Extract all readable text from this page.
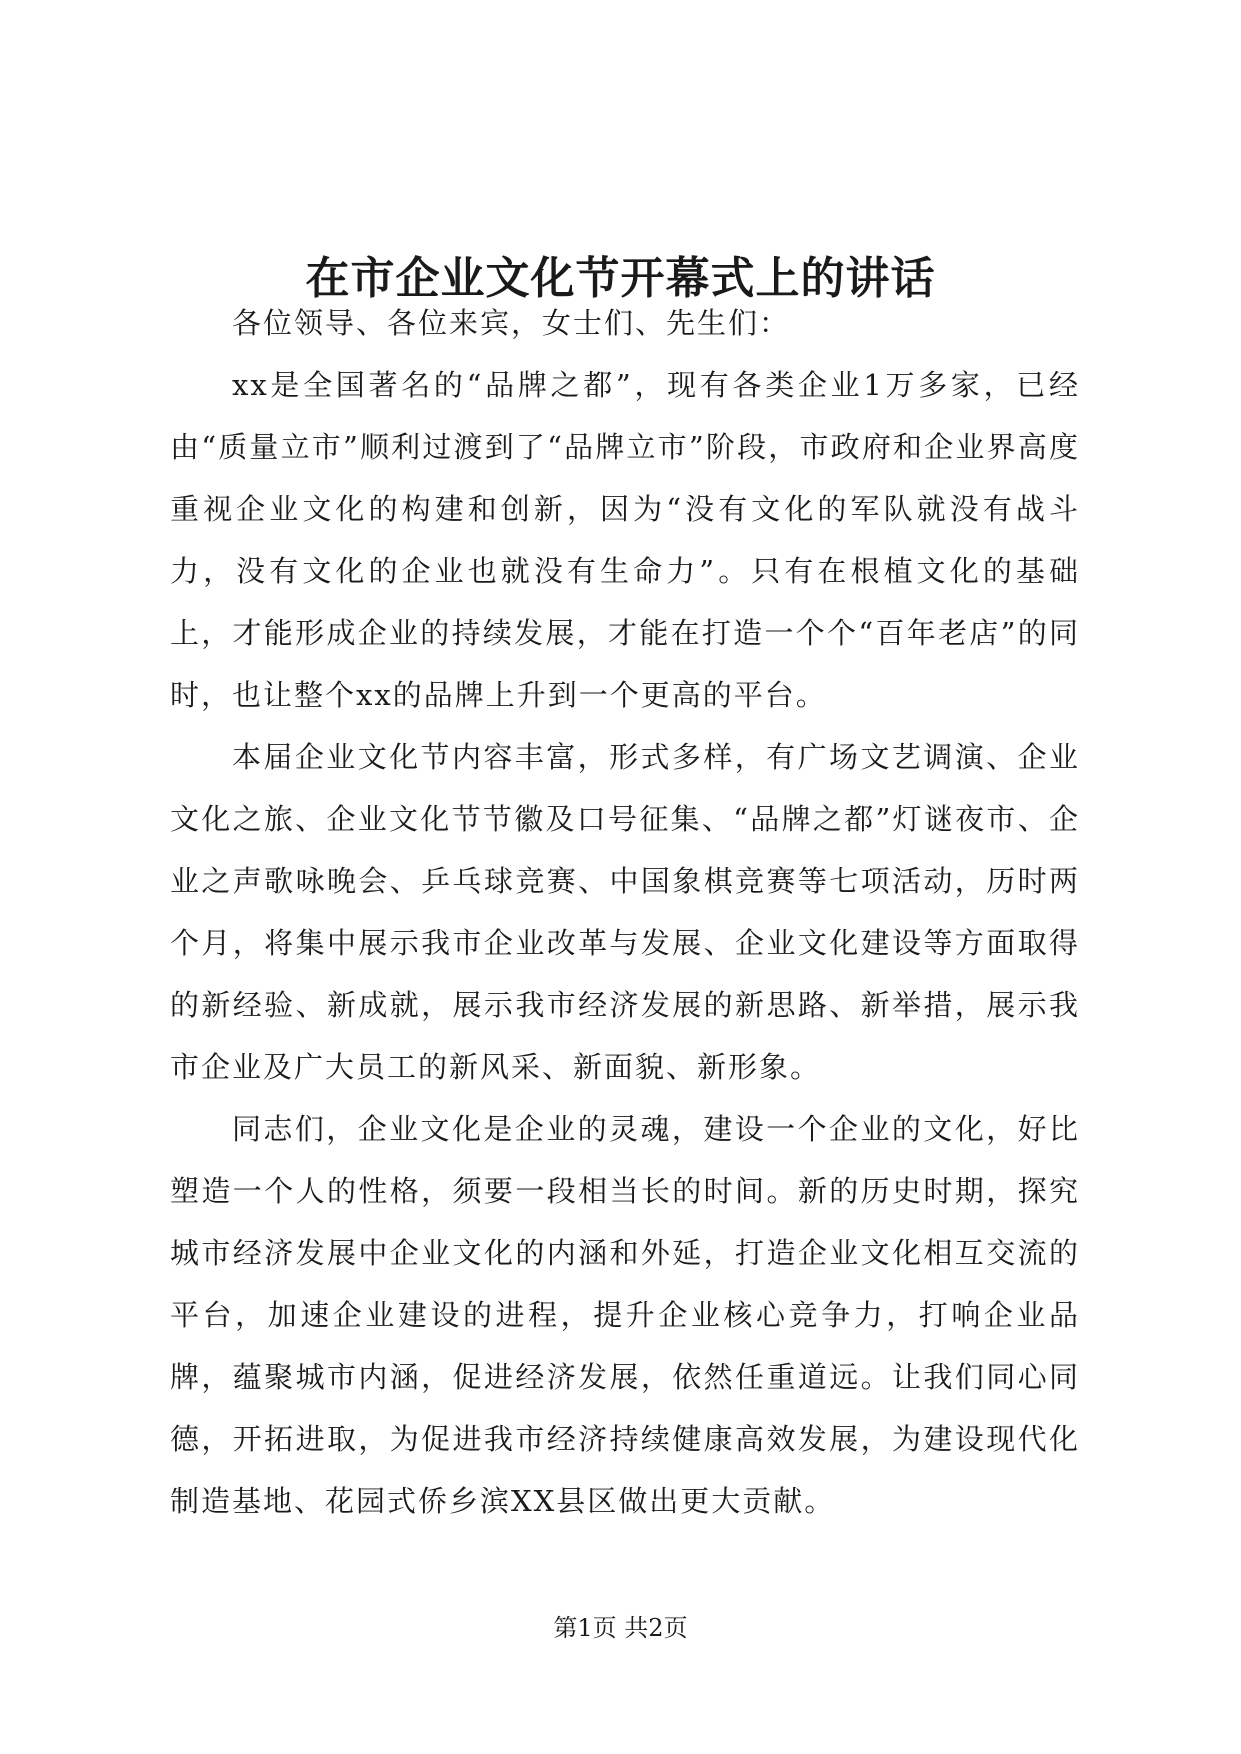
在市企业文化节开幕式上的讲话

各位领导、各位来宾，女士们、先生们：

xx是全国著名的“品牌之都”，现有各类企业1万多家，已经由“质量立市”顺利过渡到了“品牌立市”阶段，市政府和企业界高度重视企业文化的构建和创新，因为“没有文化的军队就没有战斗力，没有文化的企业也就没有生命力”。只有在根植文化的基础上，才能形成企业的持续发展，才能在打造一个个“百年老店”的同时，也让整个xx的品牌上升到一个更高的平台。

本届企业文化节内容丰富，形式多样，有广场文艺调演、企业文化之旅、企业文化节节徽及口号征集、“品牌之都”灯谜夜市、企业之声歌咏晚会、乒乓球竞赛、中国象棋竞赛等七项活动，历时两个月，将集中展示我市企业改革与发展、企业文化建设等方面取得的新经验、新成就，展示我市经济发展的新思路、新举措，展示我市企业及广大员工的新风采、新面貌、新形象。

同志们，企业文化是企业的灵魂，建设一个企业的文化，好比塑造一个人的性格，须要一段相当长的时间。新的历史时期，探究城市经济发展中企业文化的内涵和外延，打造企业文化相互交流的平台，加速企业建设的进程，提升企业核心竞争力，打响企业品牌，蕴聚城市内涵，促进经济发展，依然任重道远。让我们同心同德，开拓进取，为促进我市经济持续健康高效发展，为建设现代化制造基地、花园式侨乡滨XX县区做出更大贡献。

第1页 共2页
